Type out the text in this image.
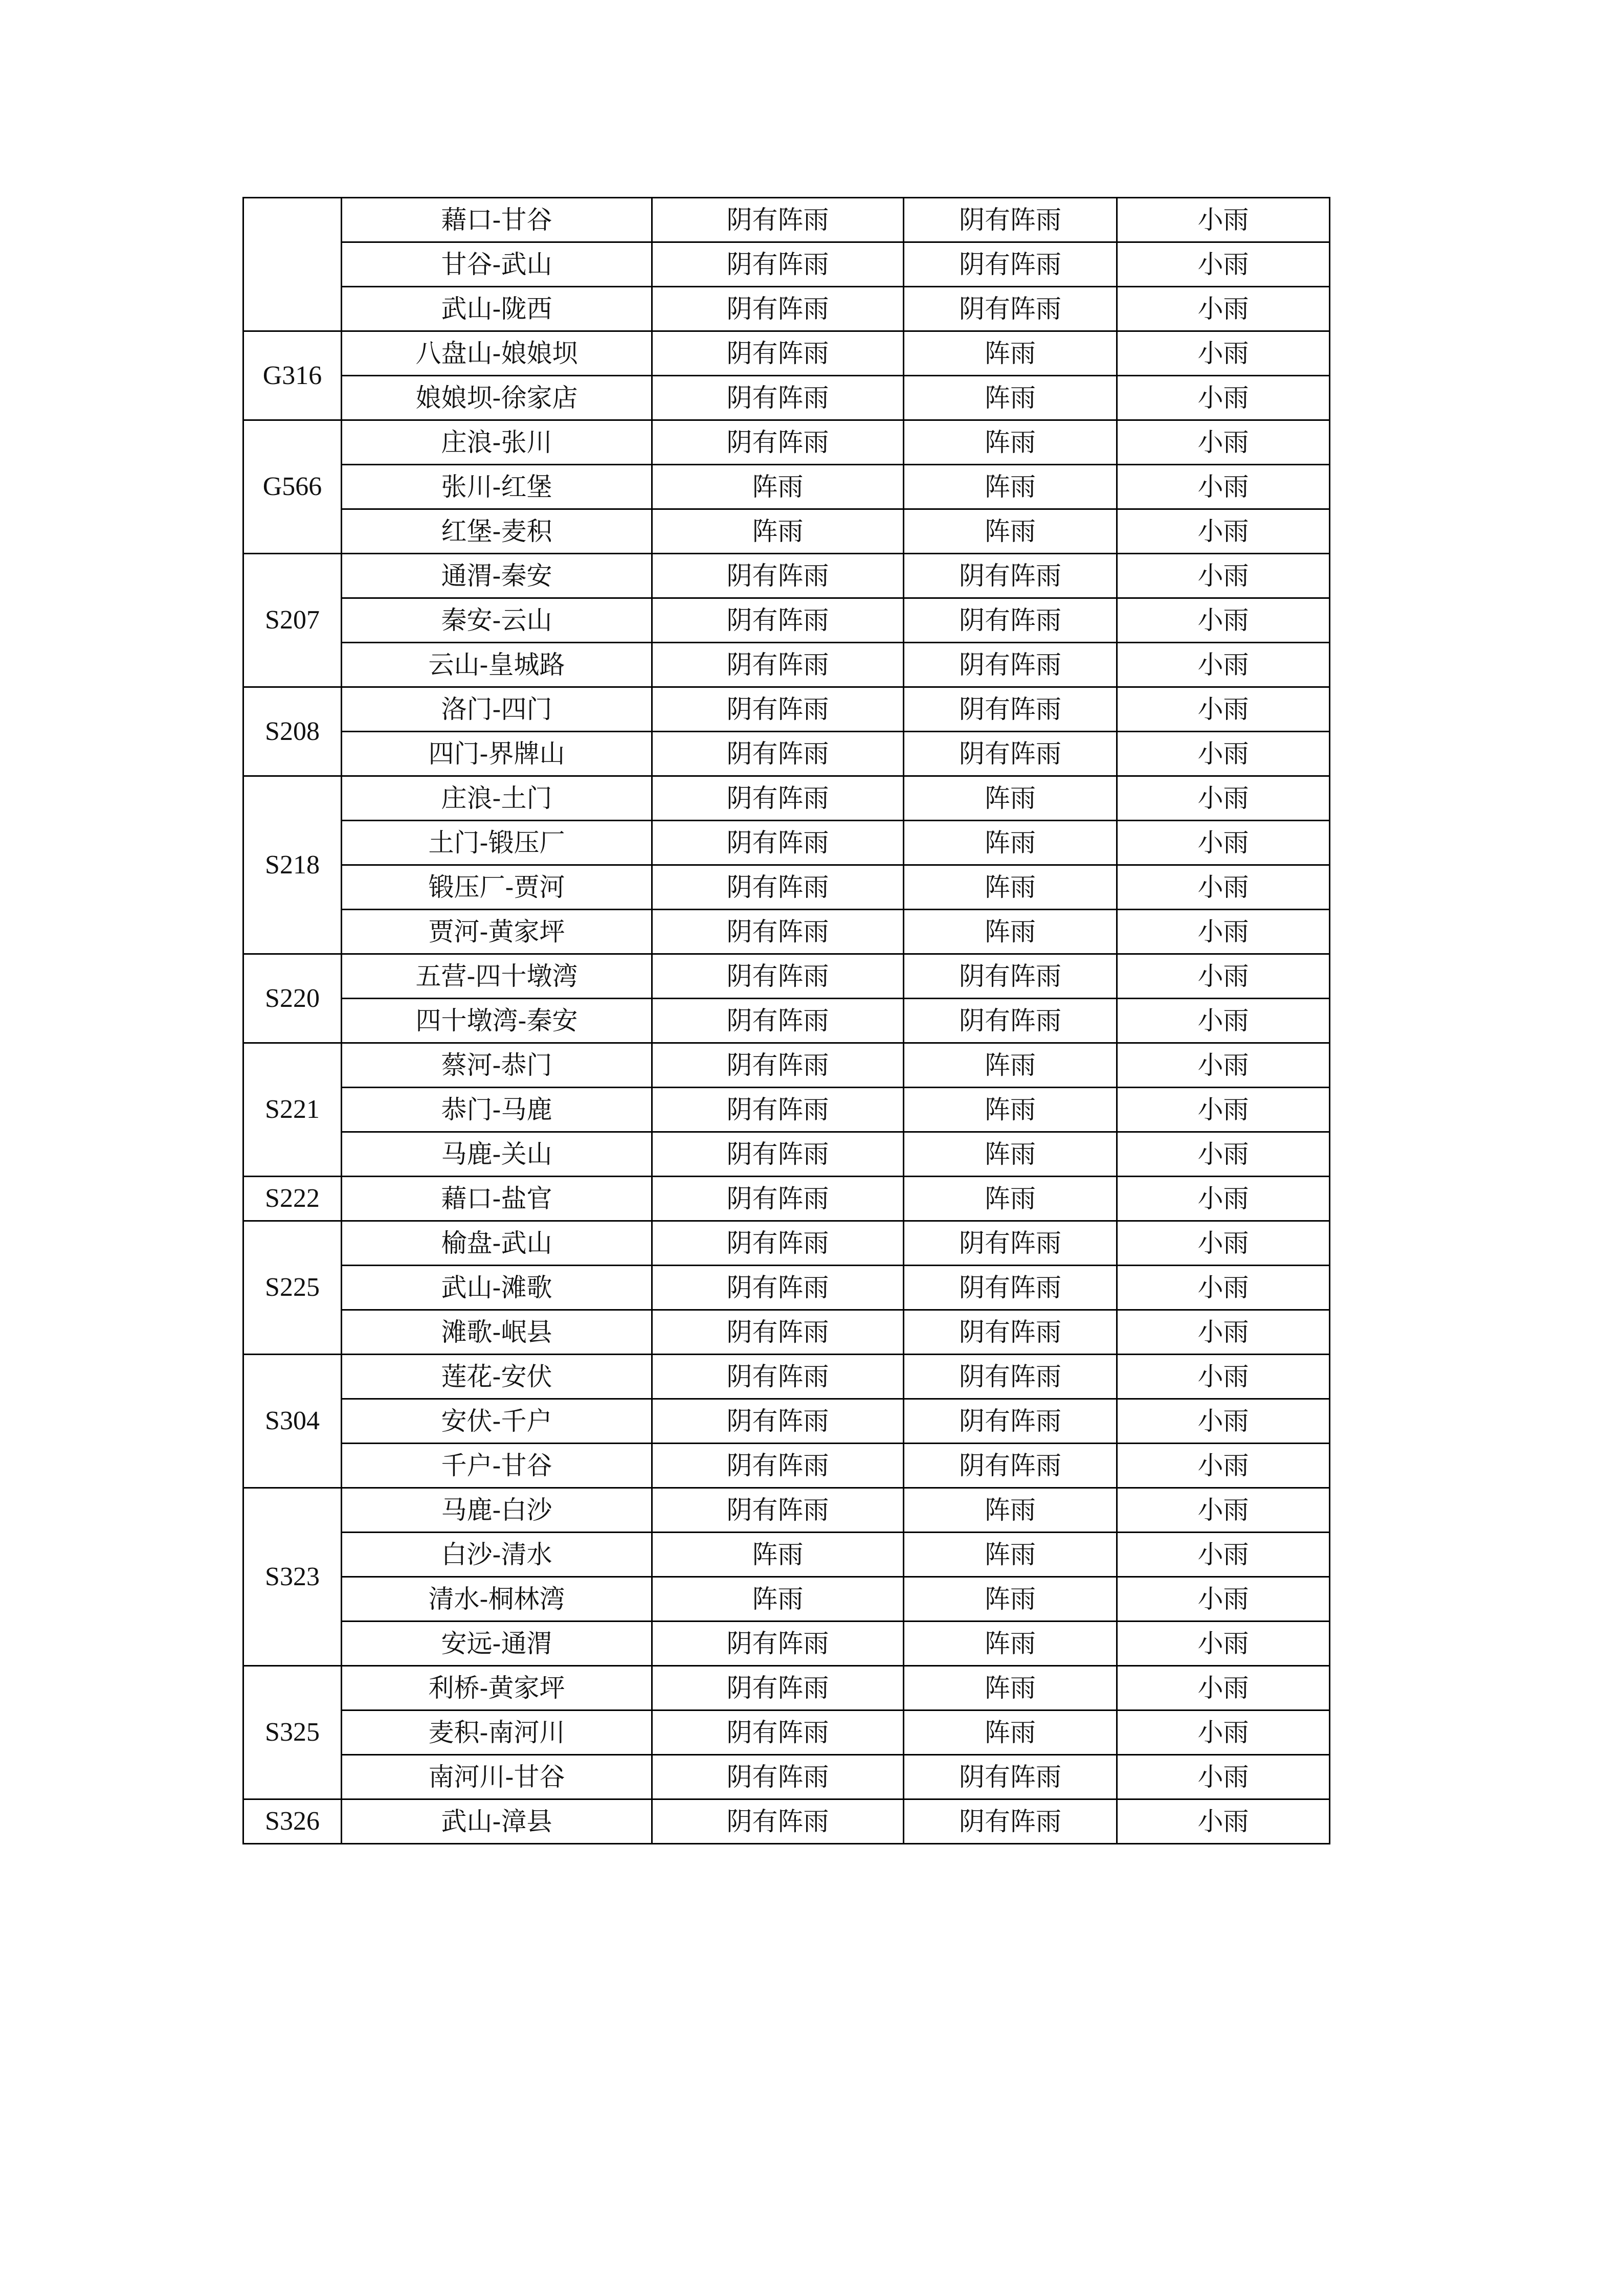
	藉口-甘谷	阴有阵雨	阴有阵雨	小雨
	甘谷-武山	阴有阵雨	阴有阵雨	小雨
	武山-陇西	阴有阵雨	阴有阵雨	小雨
G316	八盘山-娘娘坝	阴有阵雨	阵雨	小雨
	娘娘坝-徐家店	阴有阵雨	阵雨	小雨
G566	庄浪-张川	阴有阵雨	阵雨	小雨
	张川-红堡	阵雨	阵雨	小雨
	红堡-麦积	阵雨	阵雨	小雨
S207	通渭-秦安	阴有阵雨	阴有阵雨	小雨
	秦安-云山	阴有阵雨	阴有阵雨	小雨
	云山-皇城路	阴有阵雨	阴有阵雨	小雨
S208	洛门-四门	阴有阵雨	阴有阵雨	小雨
	四门-界牌山	阴有阵雨	阴有阵雨	小雨
S218	庄浪-土门	阴有阵雨	阵雨	小雨
	土门-锻压厂	阴有阵雨	阵雨	小雨
	锻压厂-贾河	阴有阵雨	阵雨	小雨
	贾河-黄家坪	阴有阵雨	阵雨	小雨
S220	五营-四十墩湾	阴有阵雨	阴有阵雨	小雨
	四十墩湾-秦安	阴有阵雨	阴有阵雨	小雨
S221	蔡河-恭门	阴有阵雨	阵雨	小雨
	恭门-马鹿	阴有阵雨	阵雨	小雨
	马鹿-关山	阴有阵雨	阵雨	小雨
S222	藉口-盐官	阴有阵雨	阵雨	小雨
S225	榆盘-武山	阴有阵雨	阴有阵雨	小雨
	武山-滩歌	阴有阵雨	阴有阵雨	小雨
	滩歌-岷县	阴有阵雨	阴有阵雨	小雨
S304	莲花-安伏	阴有阵雨	阴有阵雨	小雨
	安伏-千户	阴有阵雨	阴有阵雨	小雨
	千户-甘谷	阴有阵雨	阴有阵雨	小雨
S323	马鹿-白沙	阴有阵雨	阵雨	小雨
	白沙-清水	阵雨	阵雨	小雨
	清水-桐林湾	阵雨	阵雨	小雨
	安远-通渭	阴有阵雨	阵雨	小雨
S325	利桥-黄家坪	阴有阵雨	阵雨	小雨
	麦积-南河川	阴有阵雨	阵雨	小雨
	南河川-甘谷	阴有阵雨	阴有阵雨	小雨
S326	武山-漳县	阴有阵雨	阴有阵雨	小雨
